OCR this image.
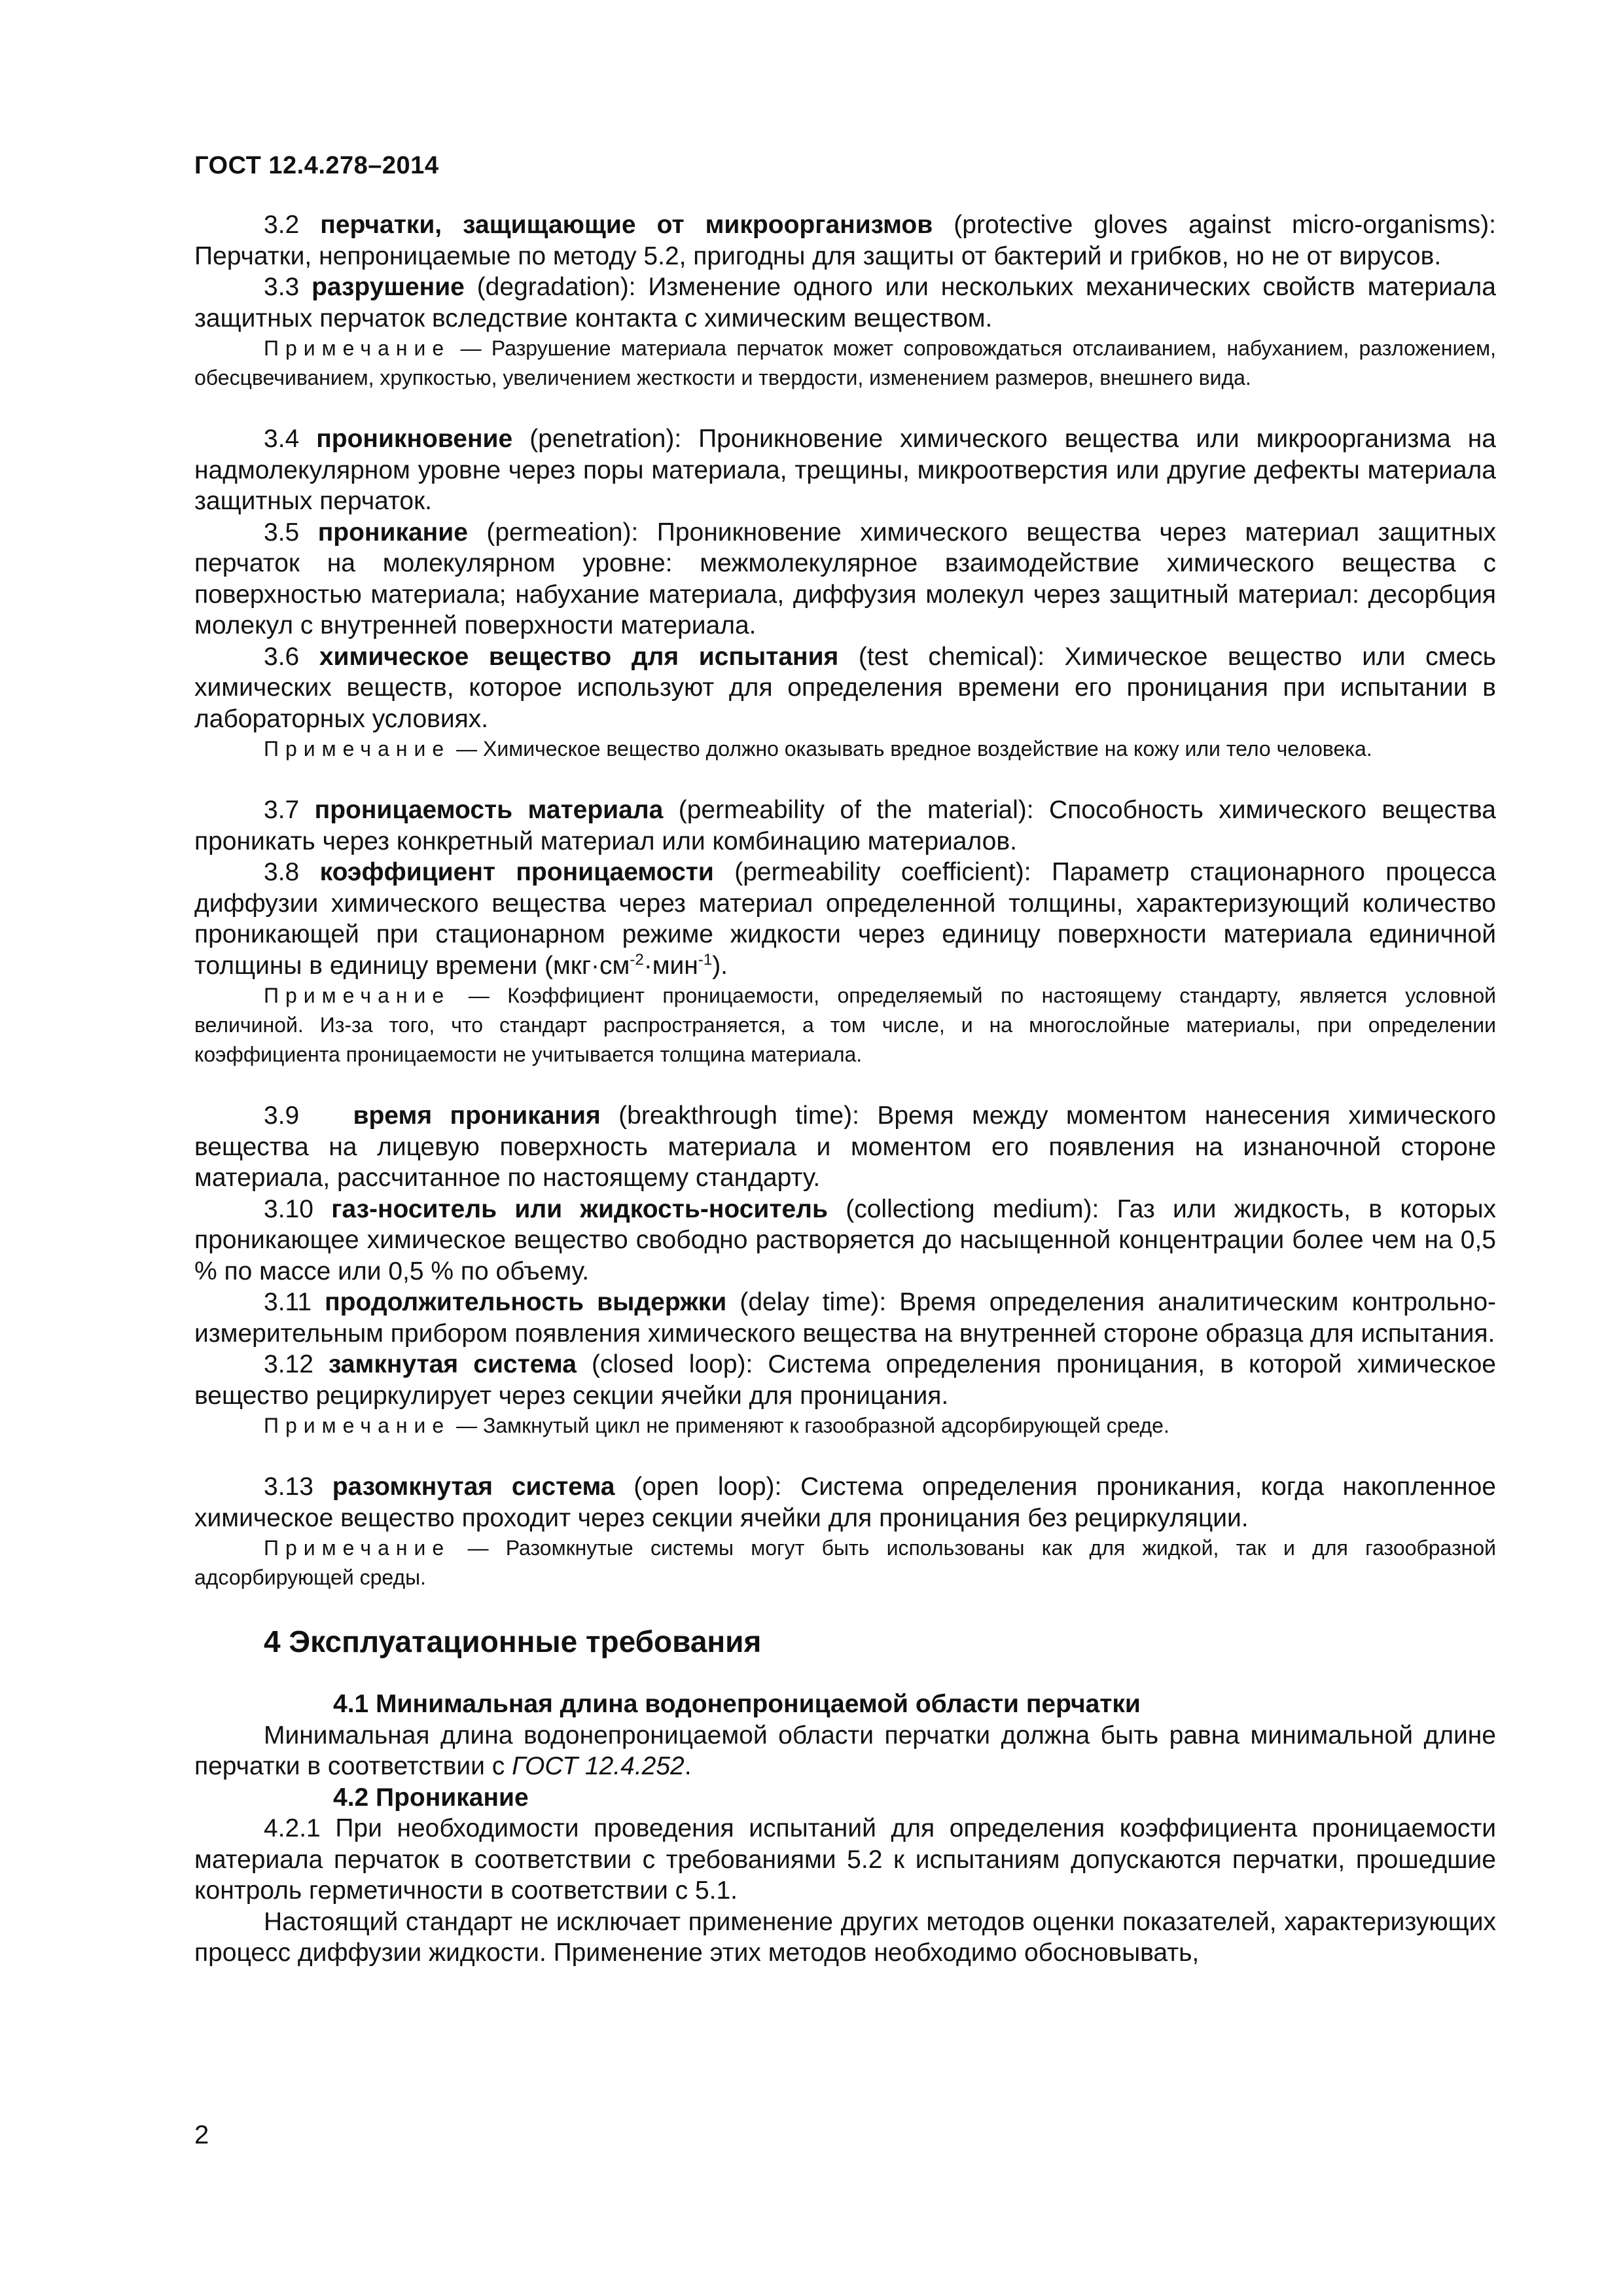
ГОСТ 12.4.278–2014

3.2 перчатки, защищающие от микроорганизмов (protective gloves against micro-organisms): Перчатки, непроницаемые по методу 5.2, пригодны для защиты от бактерий и грибков, но не от вирусов.

3.3 разрушение (degradation): Изменение одного или нескольких механических свойств материала защитных перчаток вследствие контакта с химическим веществом.

Примечание — Разрушение материала перчаток может сопровождаться отслаиванием, набуханием, разложением, обесцвечиванием, хрупкостью, увеличением жесткости и твердости, изменением размеров, внешнего вида.

3.4 проникновение (penetration): Проникновение химического вещества или микроорганизма на надмолекулярном уровне через поры материала, трещины, микроотверстия или другие дефекты материала защитных перчаток.

3.5 проникание (permeation): Проникновение химического вещества через материал защитных перчаток на молекулярном уровне: межмолекулярное взаимодействие химического вещества с поверхностью материала; набухание материала, диффузия молекул через защитный материал: десорбция молекул с внутренней поверхности материала.

3.6 химическое вещество для испытания (test chemical): Химическое вещество или смесь химических веществ, которое используют для определения времени его проницания при испытании в лабораторных условиях.

Примечание — Химическое вещество должно оказывать вредное воздействие на кожу или тело человека.

3.7 проницаемость материала (permeability of the material): Способность химического вещества проникать через конкретный материал или комбинацию материалов.

3.8 коэффициент проницаемости (permeability coefficient): Параметр стационарного процесса диффузии химического вещества через материал определенной толщины, характеризующий количество проникающей при стационарном режиме жидкости через единицу поверхности материала единичной толщины в единицу времени $(мкг\cdot см^{-2}\cdot мин^{-1})$.

Примечание — Коэффициент проницаемости, определяемый по настоящему стандарту, является условной величиной. Из-за того, что стандарт распространяется, а том числе, и на многослойные материалы, при определении коэффициента проницаемости не учитывается толщина материала.

3.9 время проникания (breakthrough time): Время между моментом нанесения химического вещества на лицевую поверхность материала и моментом его появления на изнаночной стороне материала, рассчитанное по настоящему стандарту.

3.10 газ-носитель или жидкость-носитель (collectiong medium): Газ или жидкость, в которых проникающее химическое вещество свободно растворяется до насыщенной концентрации более чем на 0,5 % по массе или 0,5 % по объему.

3.11 продолжительность выдержки (delay time): Время определения аналитическим контрольно-измерительным прибором появления химического вещества на внутренней стороне образца для испытания.

3.12 замкнутая система (closed loop): Система определения проницания, в которой химическое вещество рециркулирует через секции ячейки для проницания.

Примечание — Замкнутый цикл не применяют к газообразной адсорбирующей среде.

3.13 разомкнутая система (open loop): Система определения проникания, когда накопленное химическое вещество проходит через секции ячейки для проницания без рециркуляции.

Примечание — Разомкнутые системы могут быть использованы как для жидкой, так и для газообразной адсорбирующей среды.

4 Эксплуатационные требования

4.1 Минимальная длина водонепроницаемой области перчатки

Минимальная длина водонепроницаемой области перчатки должна быть равна минимальной длине перчатки в соответствии с ГОСТ 12.4.252.

4.2 Проникание

4.2.1 При необходимости проведения испытаний для определения коэффициента проницаемости материала перчаток в соответствии с требованиями 5.2 к испытаниям допускаются перчатки, прошедшие контроль герметичности в соответствии с 5.1.

Настоящий стандарт не исключает применение других методов оценки показателей, характеризующих процесс диффузии жидкости. Применение этих методов необходимо обосновывать,

2
